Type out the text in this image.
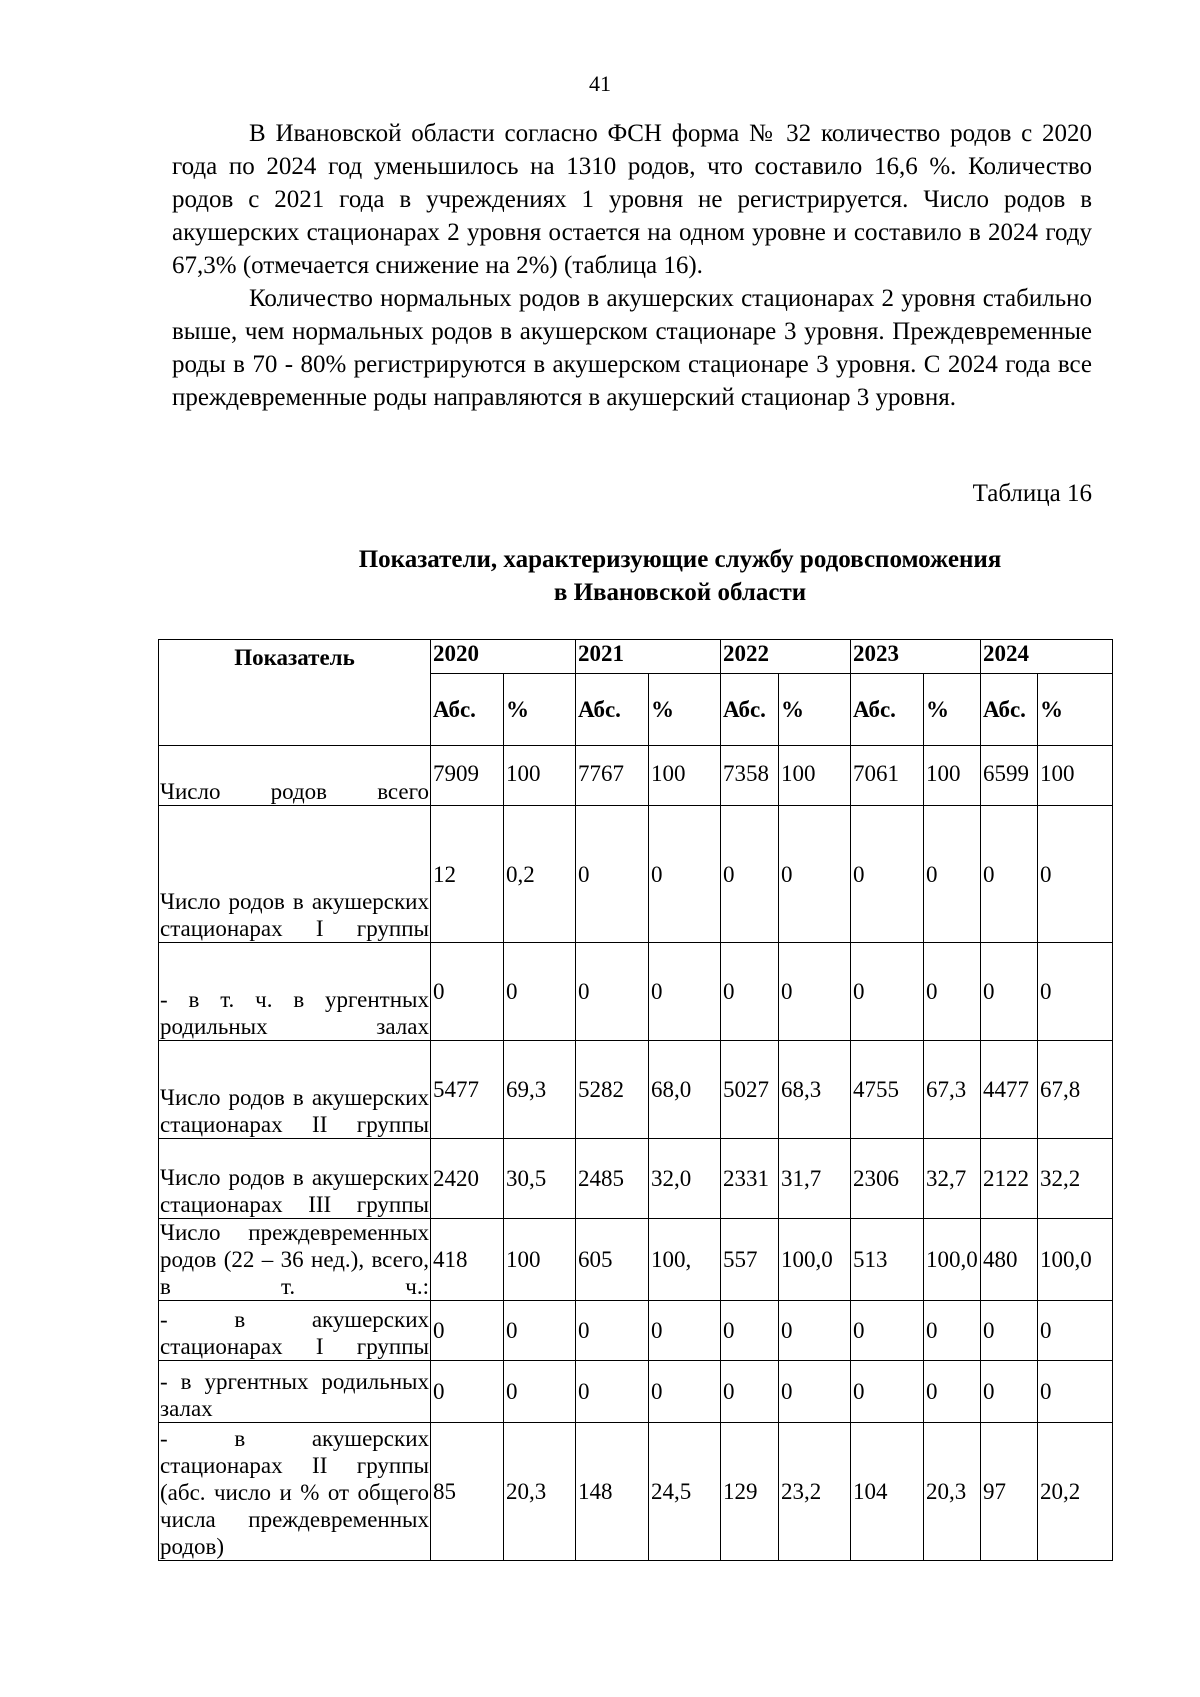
41

В Ивановской области согласно ФСН форма № 32 количество родов с 2020 года по 2024 год уменьшилось на 1310 родов, что составило 16,6 %. Количество родов с 2021 года в учреждениях 1 уровня не регистрируется. Число родов в акушерских стационарах 2 уровня остается на одном уровне и составило в 2024 году 67,3% (отмечается снижение на 2%) (таблица 16).

Количество нормальных родов в акушерских стационарах 2 уровня стабильно выше, чем нормальных родов в акушерском стационаре 3 уровня. Преждевременные роды в 70 - 80% регистрируются в акушерском стационаре 3 уровня. С 2024 года все преждевременные роды направляются в акушерский стационар 3 уровня.

Таблица 16
Показатели, характеризующие службу родовспоможения
в Ивановской области
Показатель	2020		2021		2022		2023		2024	
	Абс.	%	Абс.	%	Абс.	%	Абс.	%	Абс.	%
Число родов всего	7909	100	7767	100	7358	100	7061	100	6599	100
Число родов в акушерских стационарах I группы	12	0,2	0	0	0	0	0	0	0	0
- в т. ч. в ургентных родильных залах	0	0	0	0	0	0	0	0	0	0
Число родов в акушерских стационарах II группы	5477	69,3	5282	68,0	5027	68,3	4755	67,3	4477	67,8
Число родов в акушерских стационарах III группы	2420	30,5	2485	32,0	2331	31,7	2306	32,7	2122	32,2
Число преждевременных родов (22 – 36 нед.), всего, в т. ч.:	418	100	605	100,	557	100,0	513	100,0	480	100,0
- в акушерских стационарах I группы	0	0	0	0	0	0	0	0	0	0
- в ургентных родильных залах	0	0	0	0	0	0	0	0	0	0
- в акушерских стационарах II группы (абс. число и % от общего числа преждевременных родов)	85	20,3	148	24,5	129	23,2	104	20,3	97	20,2
